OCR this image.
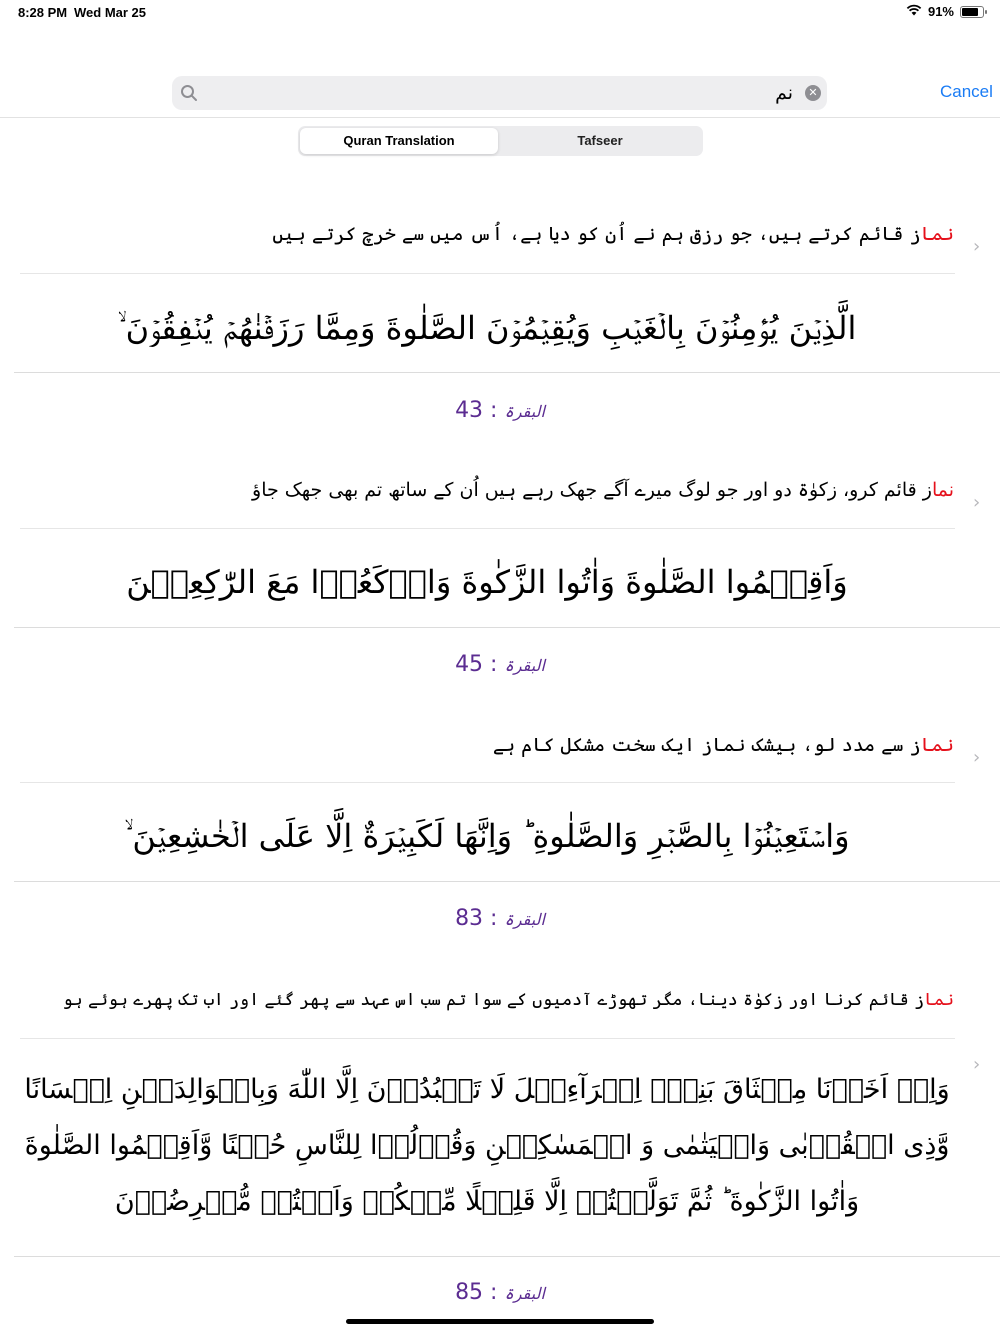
8:28 PM Wed Mar 25	91%
نم
✕	Cancel
Quran Translation	Tafseer
نماز قائم کرتے ہیں، جو رزق ہم نے اُن کو دیا ہے، اُس میں سے خرچ کرتے ہیں
›
الَّذِيۡنَ يُؤۡمِنُوۡنَ بِالۡغَيۡبِ وَيُقِيۡمُوۡنَ الصَّلٰوةَ وَمِمَّا رَزَقۡنٰهُمۡ يُنۡفِقُوۡنَ ۙ
البقرۃ : 43
نماز قائم کرو، زکوٰۃ دو اور جو لوگ میرے آگے جھک رہے ہیں اُن کے ساتھ تم بھی جھک جاؤ
›
وَاَقِيۡمُوا الصَّلٰوةَ وَاٰتُوا الزَّكٰوةَ وَارۡكَعُوۡا مَعَ الرّٰكِعِيۡنَ
البقرۃ : 45
نماز سے مدد لو، بیشک نماز ایک سخت مشکل کام ہے
›
وَاسۡتَعِيۡنُوۡا بِالصَّبۡرِ وَالصَّلٰوةِ ​ؕ وَاِنَّهَا لَكَبِيۡرَةٌ اِلَّا عَلَى الۡخٰشِعِيۡنَ ۙ
البقرۃ : 83
نماز قائم کرنا اور زکوٰۃ دینا، مگر تھوڑے آدمیوں کے سوا تم سب اس عہد سے پھر گئے اور اب تک پھرے ہوئے ہو
›
وَاِذۡ اَخَذۡنَا مِيۡثَاقَ بَنِىۡۤ اِسۡرَآءِيۡلَ لَا تَعۡبُدُوۡنَ اِلَّا اللّٰهَ وَبِالۡوَالِدَيۡنِ اِحۡسَانًا وَّذِى الۡقُرۡبٰى وَالۡيَتٰمٰى وَ الۡمَسٰكِيۡنِ وَقُوۡلُوۡا لِلنَّاسِ حُسۡنًا وَّاَقِيۡمُوا الصَّلٰوةَ وَاٰتُوا الزَّكٰوةَ ؕ ثُمَّ تَوَلَّيۡتُمۡ اِلَّا قَلِيۡلًا مِّنۡكُمۡ وَاَنۡتُمۡ مُّعۡرِضُوۡنَ
البقرۃ : 85
